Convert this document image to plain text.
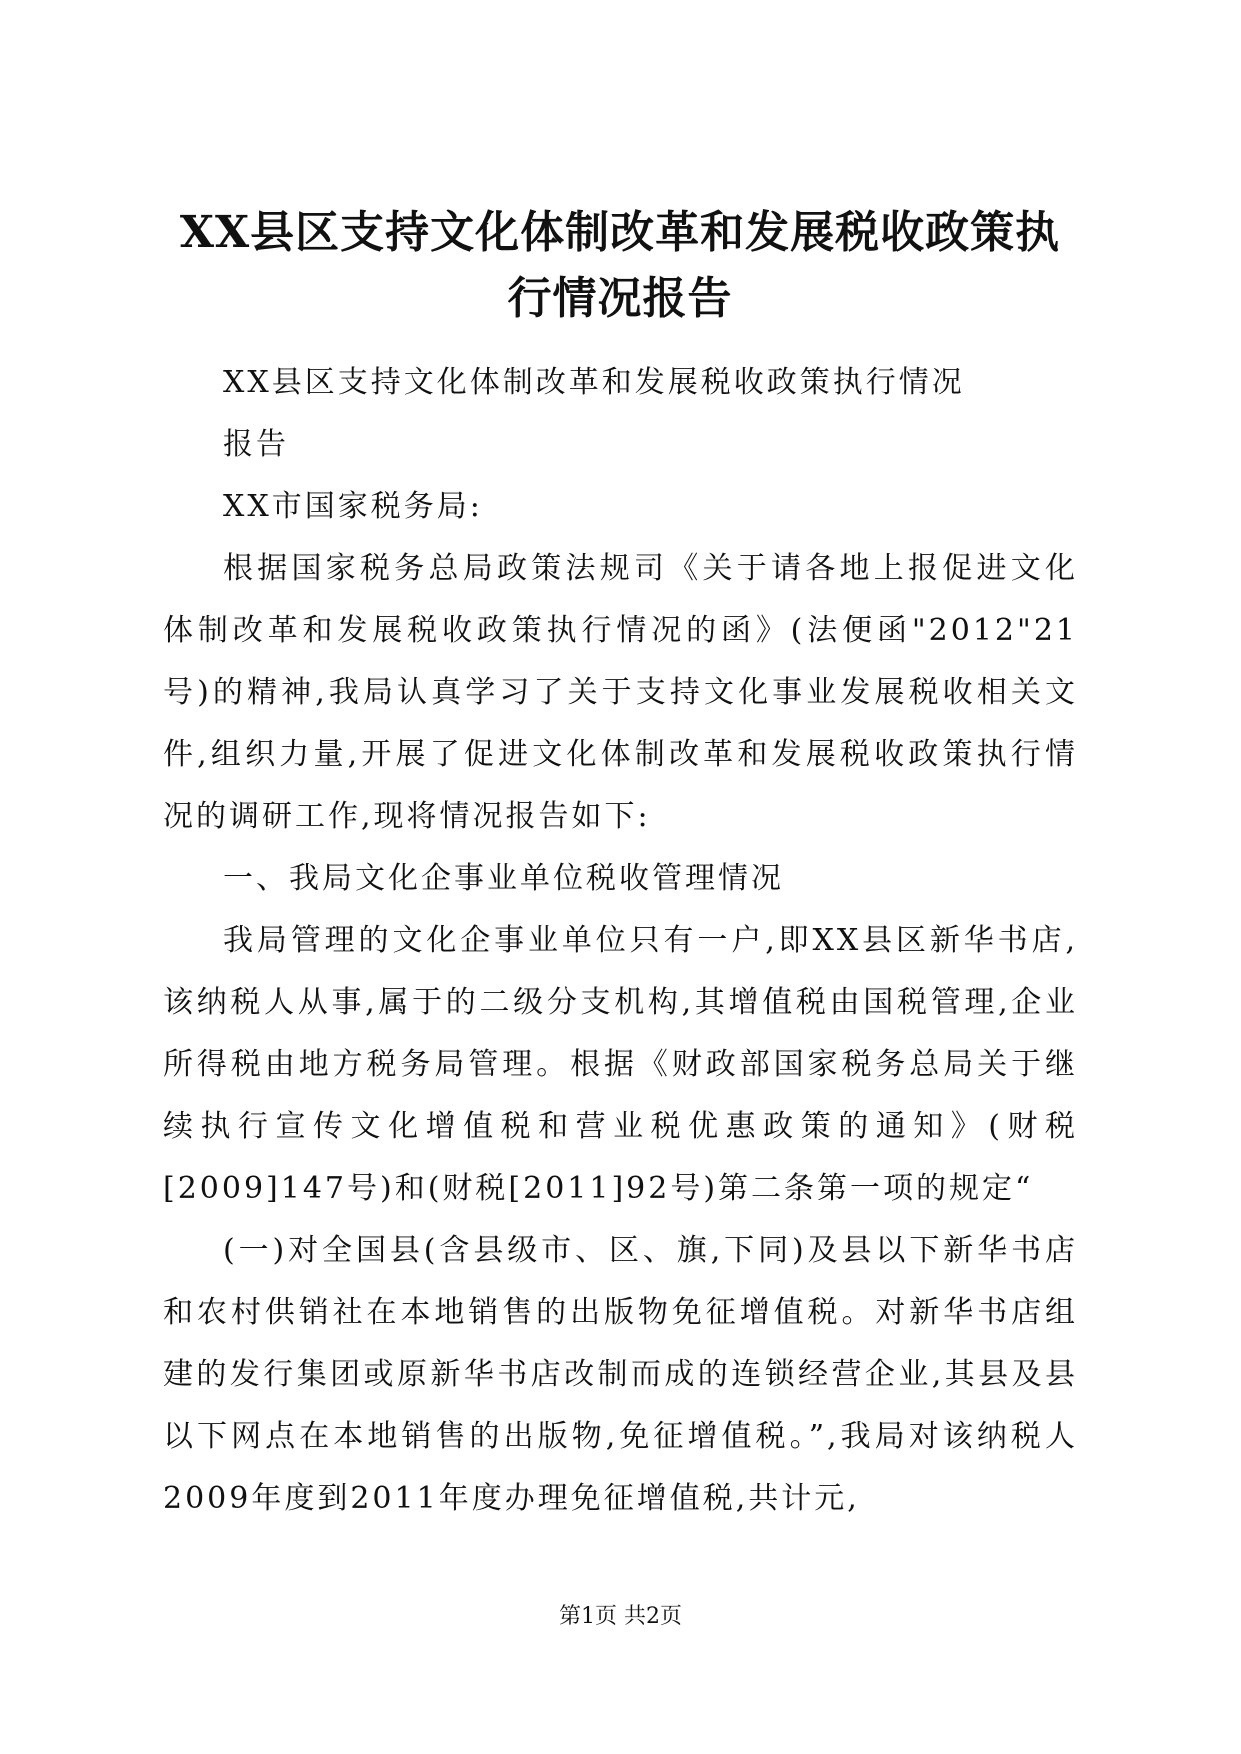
XX县区支持文化体制改革和发展税收政策执行情况报告

XX县区支持文化体制改革和发展税收政策执行情况

报告

XX市国家税务局:

根据国家税务总局政策法规司《关于请各地上报促进文化体制改革和发展税收政策执行情况的函》(法便函"2012"21号)的精神,我局认真学习了关于支持文化事业发展税收相关文件,组织力量,开展了促进文化体制改革和发展税收政策执行情况的调研工作,现将情况报告如下:

一、我局文化企事业单位税收管理情况

我局管理的文化企事业单位只有一户,即XX县区新华书店,该纳税人从事,属于的二级分支机构,其增值税由国税管理,企业所得税由地方税务局管理。根据《财政部国家税务总局关于继续执行宣传文化增值税和营业税优惠政策的通知》(财税[2009]147号)和(财税[2011]92号)第二条第一项的规定“

(一)对全国县(含县级市、区、旗,下同)及县以下新华书店和农村供销社在本地销售的出版物免征增值税。对新华书店组建的发行集团或原新华书店改制而成的连锁经营企业,其县及县以下网点在本地销售的出版物,免征增值税。”,我局对该纳税人2009年度到2011年度办理免征增值税,共计元,

第1页 共2页
